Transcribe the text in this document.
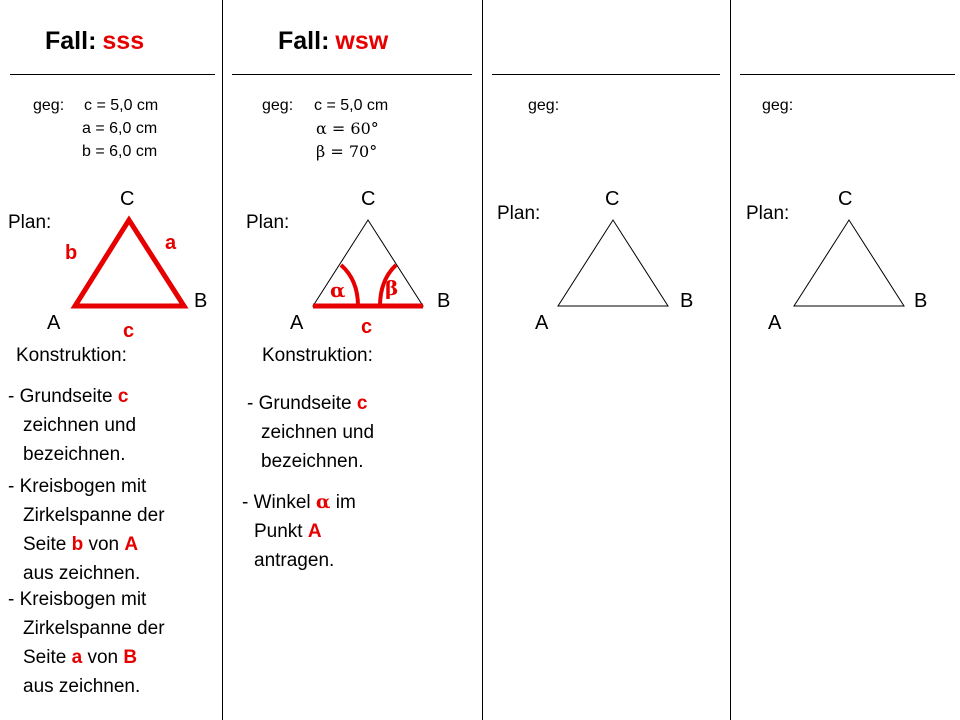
Fall: sss
geg: c = 5,0 cm
a = 6,0 cm
b = 6,0 cm
Plan:
C
A
B
a
b
c
Konstruktion:
- Grundseite c
zeichnen und
bezeichnen.
- Kreisbogen mit
Zirkelspanne der
Seite b von A
aus zeichnen.
- Kreisbogen mit
Zirkelspanne der
Seite a von B
aus zeichnen.
Fall: wsw
geg: c = 5,0 cm
α = 60°
β = 70°
Plan:
C
A
B
α β
c
Konstruktion:
- Grundseite c
zeichnen und
bezeichnen.
- Winkel α im
Punkt A
antragen.
geg:
Plan:
C
A
B
geg:
Plan:
C
A
B
